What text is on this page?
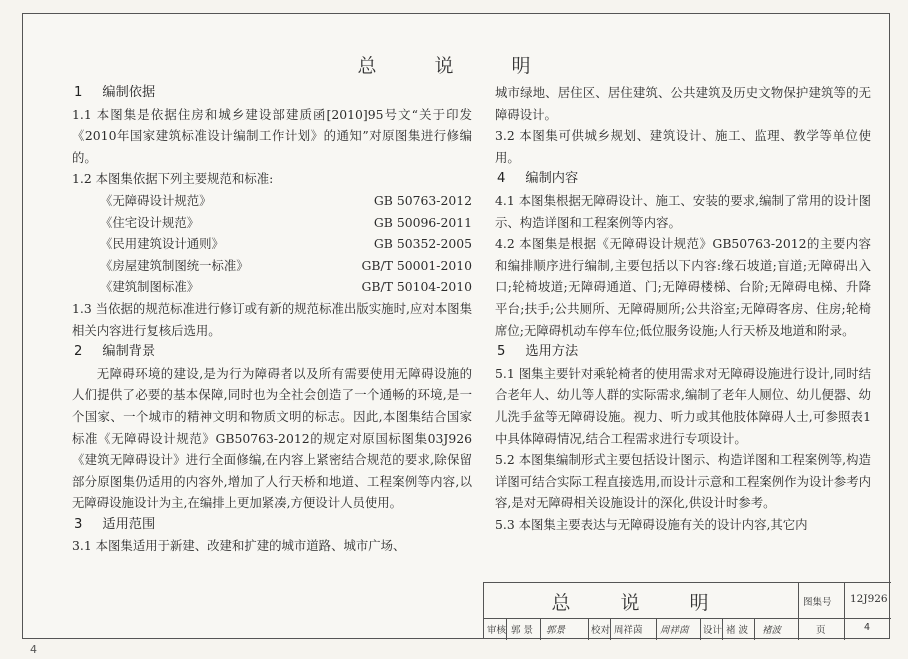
总 说 明

1 编制依据

1.1 本图集是依据住房和城乡建设部建质函[2010]95号文“关于印发《2010年国家建筑标准设计编制工作计划》的通知”对原图集进行修编的。

1.2 本图集依据下列主要规范和标准:

《无障碍设计规范》	GB 50763-2012
《住宅设计规范》	GB 50096-2011
《民用建筑设计通则》	GB 50352-2005
《房屋建筑制图统一标准》	GB/T 50001-2010
《建筑制图标准》	GB/T 50104-2010

1.3 当依据的规范标准进行修订或有新的规范标准出版实施时,应对本图集相关内容进行复核后选用。

2 编制背景

无障碍环境的建设,是为行为障碍者以及所有需要使用无障碍设施的人们提供了必要的基本保障,同时也为全社会创造了一个通畅的环境,是一个国家、一个城市的精神文明和物质文明的标志。因此,本图集结合国家标准《无障碍设计规范》GB50763-2012的规定对原国标图集03J926《建筑无障碍设计》进行全面修编,在内容上紧密结合规范的要求,除保留部分原图集仍适用的内容外,增加了人行天桥和地道、工程案例等内容,以无障碍设施设计为主,在编排上更加紧凑,方便设计人员使用。

3 适用范围

3.1 本图集适用于新建、改建和扩建的城市道路、城市广场、

城市绿地、居住区、居住建筑、公共建筑及历史文物保护建筑等的无障碍设计。

3.2 本图集可供城乡规划、建筑设计、施工、监理、教学等单位使用。

4 编制内容

4.1 本图集根据无障碍设计、施工、安装的要求,编制了常用的设计图示、构造详图和工程案例等内容。

4.2 本图集是根据《无障碍设计规范》GB50763-2012的主要内容和编排顺序进行编制,主要包括以下内容:缘石坡道;盲道;无障碍出入口;轮椅坡道;无障碍通道、门;无障碍楼梯、台阶;无障碍电梯、升降平台;扶手;公共厕所、无障碍厕所;公共浴室;无障碍客房、住房;轮椅席位;无障碍机动车停车位;低位服务设施;人行天桥及地道和附录。

5 选用方法

5.1 图集主要针对乘轮椅者的使用需求对无障碍设施进行设计,同时结合老年人、幼儿等人群的实际需求,编制了老年人厕位、幼儿便器、幼儿洗手盆等无障碍设施。视力、听力或其他肢体障碍人士,可参照表1中具体障碍情况,结合工程需求进行专项设计。

5.2 本图集编制形式主要包括设计图示、构造详图和工程案例等,构造详图可结合实际工程直接选用,而设计示意和工程案例作为设计参考内容,是对无障碍相关设施设计的深化,供设计时参考。

5.3 本图集主要表达与无障碍设施有关的设计内容,其它内

总 说 明	图集号 12J926
审核 郭 景 郭景	校对 周祥茵 周祥茵 设计 褚 波 褚波	页	4
4
